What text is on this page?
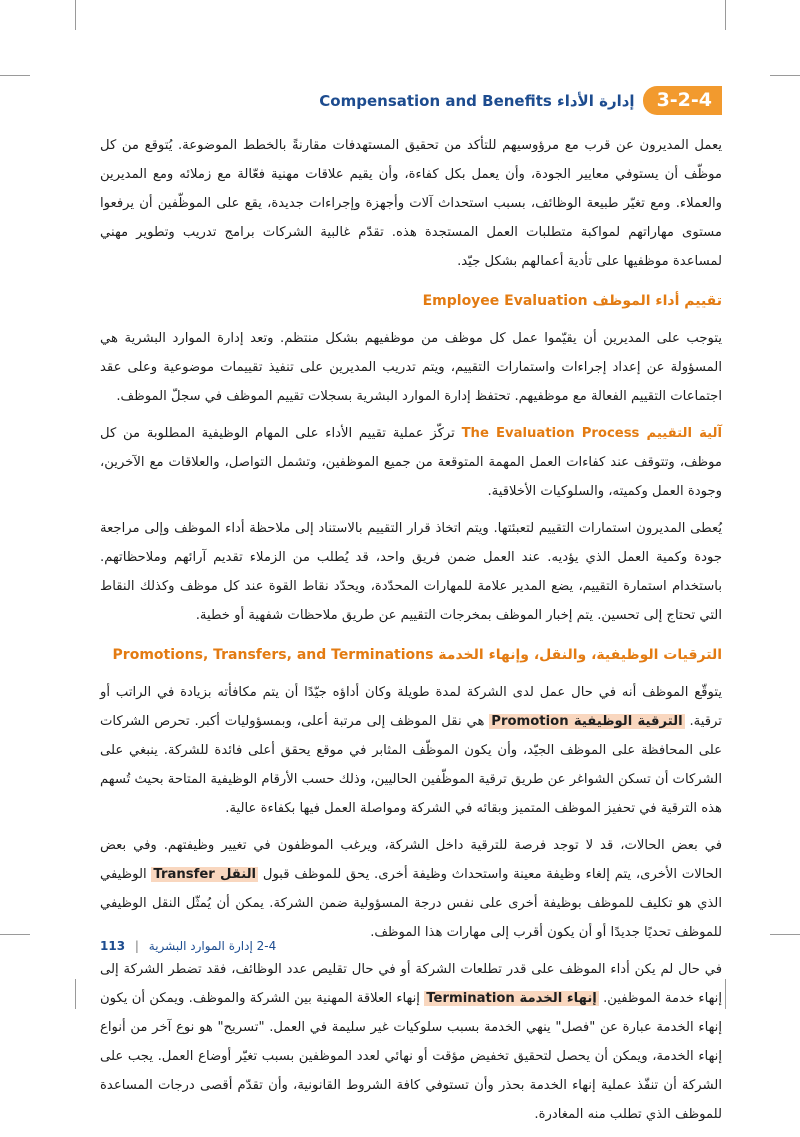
3-2-4
إدارة الأداء Compensation and Benefits

يعمل المديرون عن قرب مع مرؤوسيهم للتأكد من تحقيق المستهدفات مقارنةً بالخطط الموضوعة. يُتوقع من كل موظّف أن يستوفي معايير الجودة، وأن يعمل بكل كفاءة، وأن يقيم علاقات مهنية فعّالة مع زملائه ومع المديرين والعملاء. ومع تغيّر طبيعة الوظائف، بسبب استحداث آلات وأجهزة وإجراءات جديدة، يقع على الموظّفين أن يرفعوا مستوى مهاراتهم لمواكبة متطلبات العمل المستجدة هذه. تقدّم غالبية الشركات برامج تدريب وتطوير مهني لمساعدة موظفيها على تأدية أعمالهم بشكل جيّد.

تقييم أداء الموظف Employee Evaluation

يتوجب على المديرين أن يقيّموا عمل كل موظف من موظفيهم بشكل منتظم. وتعد إدارة الموارد البشرية هي المسؤولة عن إعداد إجراءات واستمارات التقييم، ويتم تدريب المديرين على تنفيذ تقييمات موضوعية وعلى عقد اجتماعات التقييم الفعالة مع موظفيهم. تحتفظ إدارة الموارد البشرية بسجلات تقييم الموظف في سجلّ الموظف.

آلية التقييم The Evaluation Process تركّز عملية تقييم الأداء على المهام الوظيفية المطلوبة من كل موظف، وتتوقف عند كفاءات العمل المهمة المتوقعة من جميع الموظفين، وتشمل التواصل، والعلاقات مع الآخرين، وجودة العمل وكميته، والسلوكيات الأخلاقية.

يُعطى المديرون استمارات التقييم لتعبئتها. ويتم اتخاذ قرار التقييم بالاستناد إلى ملاحظة أداء الموظف وإلى مراجعة جودة وكمية العمل الذي يؤديه. عند العمل ضمن فريق واحد، قد يُطلب من الزملاء تقديم آرائهم وملاحظاتهم. باستخدام استمارة التقييم، يضع المدير علامة للمهارات المحدّدة، ويحدّد نقاط القوة عند كل موظف وكذلك النقاط التي تحتاج إلى تحسين. يتم إخبار الموظف بمخرجات التقييم عن طريق ملاحظات شفهية أو خطية.

الترقيات الوظيفية، والنقل، وإنهاء الخدمة Promotions, Transfers, and Terminations

يتوقّع الموظف أنه في حال عمل لدى الشركة لمدة طويلة وكان أداؤه جيّدًا أن يتم مكافأته بزيادة في الراتب أو ترقية. الترقية الوظيفية Promotion هي نقل الموظف إلى مرتبة أعلى، وبمسؤوليات أكبر. تحرص الشركات على المحافظة على الموظف الجيّد، وأن يكون الموظّف المثابر في موقع يحقق أعلى فائدة للشركة. ينبغي على الشركات أن تسكن الشواغر عن طريق ترقية الموظّفين الحاليين، وذلك حسب الأرقام الوظيفية المتاحة بحيث تُسهم هذه الترقية في تحفيز الموظف المتميز وبقائه في الشركة ومواصلة العمل فيها بكفاءة عالية.

في بعض الحالات، قد لا توجد فرصة للترقية داخل الشركة، ويرغب الموظفون في تغيير وظيفتهم. وفي بعض الحالات الأخرى، يتم إلغاء وظيفة معينة واستحداث وظيفة أخرى. يحق للموظف قبول النقل Transfer الوظيفي الذي هو تكليف للموظف بوظيفة أخرى على نفس درجة المسؤولية ضمن الشركة. يمكن أن يُمثّل النقل الوظيفي للموظف تحديًا جديدًا أو أن يكون أقرب إلى مهارات هذا الموظف.

في حال لم يكن أداء الموظف على قدر تطلعات الشركة أو في حال تقليص عدد الوظائف، فقد تضطر الشركة إلى إنهاء خدمة الموظفين. إنهاء الخدمة Termination إنهاء العلاقة المهنية بين الشركة والموظف. ويمكن أن يكون إنهاء الخدمة عبارة عن "فصل" ينهي الخدمة بسبب سلوكيات غير سليمة في العمل. "تسريح" هو نوع آخر من أنواع إنهاء الخدمة، ويمكن أن يحصل لتحقيق تخفيض مؤقت أو نهائي لعدد الموظفين بسبب تغيّر أوضاع العمل. يجب على الشركة أن تنفّذ عملية إنهاء الخدمة بحذر وأن تستوفي كافة الشروط القانونية، وأن تقدّم أقصى درجات المساعدة للموظف الذي تطلب منه المغادرة.

113 | 2-4 إدارة الموارد البشرية
